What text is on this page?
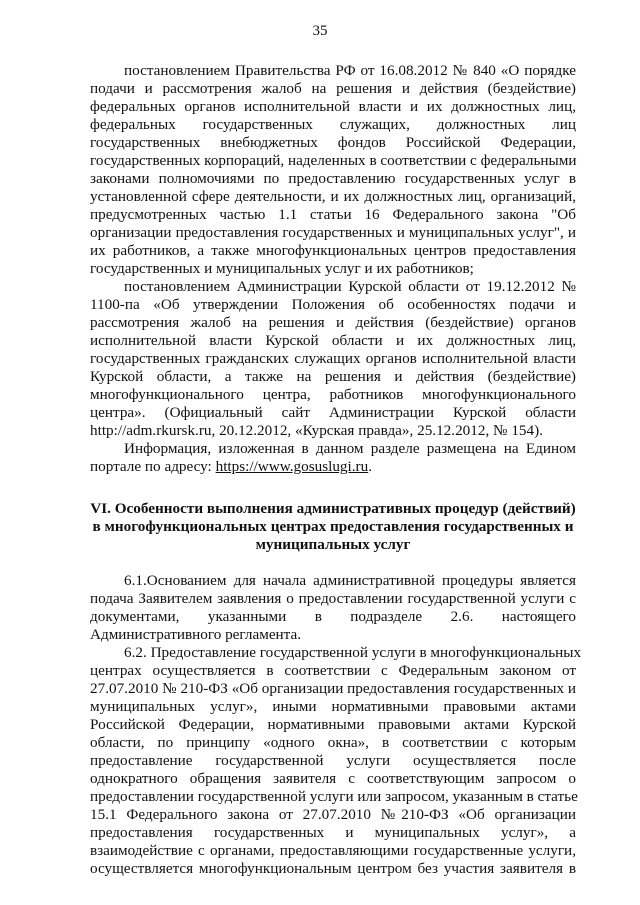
35
постановлением Правительства РФ от 16.08.2012 № 840 «О порядке
подачи и рассмотрения жалоб на решения и действия (бездействие)
федеральных органов исполнительной власти и их должностных лиц,
федеральных государственных служащих, должностных лиц
государственных внебюджетных фондов Российской Федерации,
государственных корпораций, наделенных в соответствии с федеральными
законами полномочиями по предоставлению государственных услуг в
установленной сфере деятельности, и их должностных лиц, организаций,
предусмотренных частью 1.1 статьи 16 Федерального закона "Об
организации предоставления государственных и муниципальных услуг", и
их работников, а также многофункциональных центров предоставления
государственных и муниципальных услуг и их работников;
постановлением Администрации Курской области от 19.12.2012 №
1100-па «Об утверждении Положения об особенностях подачи и
рассмотрения жалоб на решения и действия (бездействие) органов
исполнительной власти Курской области и их должностных лиц,
государственных гражданских служащих органов исполнительной власти
Курской области, а также на решения и действия (бездействие)
многофункционального центра, работников многофункционального
центра». (Официальный сайт Администрации Курской области
http://adm.rkursk.ru, 20.12.2012, «Курская правда», 25.12.2012, № 154).
Информация, изложенная в данном разделе размещена на Едином
портале по адресу: https://www.gosuslugi.ru.
VI. Особенности выполнения административных процедур (действий)
в многофункциональных центрах предоставления государственных и
муниципальных услуг
6.1.Основанием для начала административной процедуры является
подача Заявителем заявления о предоставлении государственной услуги с
документами, указанными в подразделе 2.6. настоящего
Административного регламента.
6.2. Предоставление государственной услуги в многофункциональных
центрах осуществляется в соответствии с Федеральным законом от
27.07.2010 № 210-ФЗ «Об организации предоставления государственных и
муниципальных услуг», иными нормативными правовыми актами
Российской Федерации, нормативными правовыми актами Курской
области, по принципу «одного окна», в соответствии с которым
предоставление государственной услуги осуществляется после
однократного обращения заявителя с соответствующим запросом о
предоставлении государственной услуги или запросом, указанным в статье
15.1 Федерального закона от 27.07.2010 №210-ФЗ «Об организации
предоставления государственных и муниципальных услуг», а
взаимодействие с органами, предоставляющими государственные услуги,
осуществляется многофункциональным центром без участия заявителя в
